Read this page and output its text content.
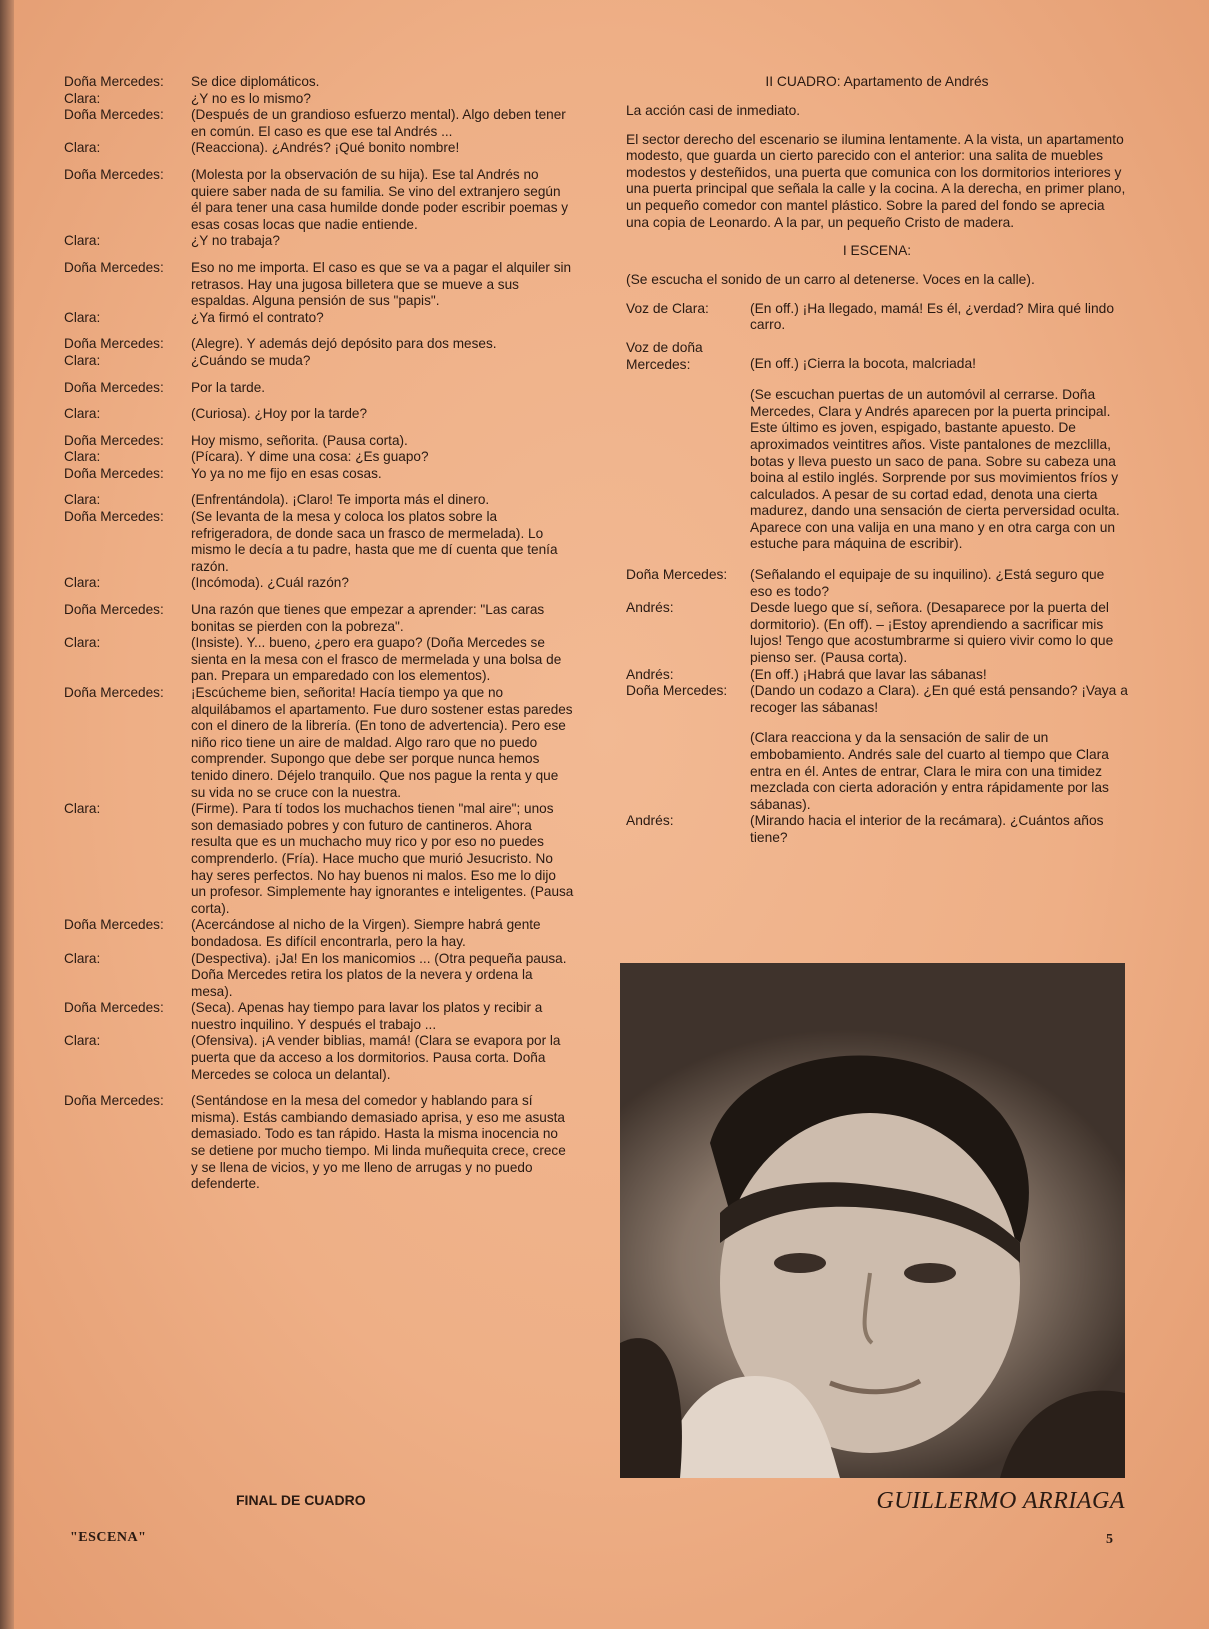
Doña Mercedes:	Se dice diplomáticos.
Clara:	¿Y no es lo mismo?
Doña Mercedes:	(Después de un grandioso esfuerzo mental). Algo deben tener en común. El caso es que ese tal Andrés ...
Clara:	(Reacciona). ¿Andrés? ¡Qué bonito nombre!
Doña Mercedes:	(Molesta por la observación de su hija). Ese tal Andrés no quiere saber nada de su familia. Se vino del extranjero según él para tener una casa humilde donde poder escribir poemas y esas cosas locas que nadie entiende.
Clara:	¿Y no trabaja?
Doña Mercedes:	Eso no me importa. El caso es que se va a pagar el alquiler sin retrasos. Hay una jugosa billetera que se mueve a sus espaldas. Alguna pensión de sus "papis".
Clara:	¿Ya firmó el contrato?
Doña Mercedes:	(Alegre). Y además dejó depósito para dos meses.
Clara:	¿Cuándo se muda?
Doña Mercedes:	Por la tarde.
Clara:	(Curiosa). ¿Hoy por la tarde?
Doña Mercedes:	Hoy mismo, señorita. (Pausa corta).
Clara:	(Pícara). Y dime una cosa: ¿Es guapo?
Doña Mercedes:	Yo ya no me fijo en esas cosas.
Clara:	(Enfrentándola). ¡Claro! Te importa más el dinero.
Doña Mercedes:	(Se levanta de la mesa y coloca los platos sobre la refrigeradora, de donde saca un frasco de mermelada). Lo mismo le decía a tu padre, hasta que me dí cuenta que tenía razón.
Clara:	(Incómoda). ¿Cuál razón?
Doña Mercedes:	Una razón que tienes que empezar a aprender: "Las caras bonitas se pierden con la pobreza".
Clara:	(Insiste). Y... bueno, ¿pero era guapo? (Doña Mercedes se sienta en la mesa con el frasco de mermelada y una bolsa de pan. Prepara un emparedado con los elementos).
Doña Mercedes:	¡Escúcheme bien, señorita! Hacía tiempo ya que no alquilábamos el apartamento. Fue duro sostener estas paredes con el dinero de la librería. (En tono de advertencia). Pero ese niño rico tiene un aire de maldad. Algo raro que no puedo comprender. Supongo que debe ser porque nunca hemos tenido dinero. Déjelo tranquilo. Que nos pague la renta y que su vida no se cruce con la nuestra.
Clara:	(Firme). Para tí todos los muchachos tienen "mal aire"; unos son demasiado pobres y con futuro de cantineros. Ahora resulta que es un muchacho muy rico y por eso no puedes comprenderlo. (Fría). Hace mucho que murió Jesucristo. No hay seres perfectos. No hay buenos ni malos. Eso me lo dijo un profesor. Simplemente hay ignorantes e inteligentes. (Pausa corta).
Doña Mercedes:	(Acercándose al nicho de la Virgen). Siempre habrá gente bondadosa. Es difícil encontrarla, pero la hay.
Clara:	(Despectiva). ¡Ja! En los manicomios ... (Otra pequeña pausa. Doña Mercedes retira los platos de la nevera y ordena la mesa).
Doña Mercedes:	(Seca). Apenas hay tiempo para lavar los platos y recibir a nuestro inquilino. Y después el trabajo ...
Clara:	(Ofensiva). ¡A vender biblias, mamá! (Clara se evapora por la puerta que da acceso a los dormitorios. Pausa corta. Doña Mercedes se coloca un delantal).
Doña Mercedes:	(Sentándose en la mesa del comedor y hablando para sí misma). Estás cambiando demasiado aprisa, y eso me asusta demasiado. Todo es tan rápido. Hasta la misma inocencia no se detiene por mucho tiempo. Mi linda muñequita crece, crece y se llena de vicios, y yo me lleno de arrugas y no puedo defenderte.
FINAL DE CUADRO
"ESCENA"
II CUADRO: Apartamento de Andrés
La acción casi de inmediato.
El sector derecho del escenario se ilumina lentamente. A la vista, un apartamento modesto, que guarda un cierto parecido con el anterior: una salita de muebles modestos y desteñidos, una puerta que comunica con los dormitorios interiores y una puerta principal que señala la calle y la cocina. A la derecha, en primer plano, un pequeño comedor con mantel plástico. Sobre la pared del fondo se aprecia una copia de Leonardo. A la par, un pequeño Cristo de madera.
I ESCENA:
(Se escucha el sonido de un carro al detenerse. Voces en la calle).
Voz de Clara:	(En off.) ¡Ha llegado, mamá! Es él, ¿verdad? Mira qué lindo carro.
Voz de doña
Mercedes:	(En off.) ¡Cierra la bocota, malcriada!
(Se escuchan puertas de un automóvil al cerrarse. Doña Mercedes, Clara y Andrés aparecen por la puerta principal. Este último es joven, espigado, bastante apuesto. De aproximados veintitres años. Viste pantalones de mezclilla, botas y lleva puesto un saco de pana. Sobre su cabeza una boina al estilo inglés. Sorprende por sus movimientos fríos y calculados. A pesar de su cortad edad, denota una cierta madurez, dando una sensación de cierta perversidad oculta. Aparece con una valija en una mano y en otra carga con un estuche para máquina de escribir).
Doña Mercedes:	(Señalando el equipaje de su inquilino). ¿Está seguro que eso es todo?
Andrés:	Desde luego que sí, señora. (Desaparece por la puerta del dormitorio). (En off). – ¡Estoy aprendiendo a sacrificar mis lujos! Tengo que acostumbrarme si quiero vivir como lo que pienso ser. (Pausa corta).
Andrés:	(En off.) ¡Habrá que lavar las sábanas!
Doña Mercedes:	(Dando un codazo a Clara). ¿En qué está pensando? ¡Vaya a recoger las sábanas!
(Clara reacciona y da la sensación de salir de un embobamiento. Andrés sale del cuarto al tiempo que Clara entra en él. Antes de entrar, Clara le mira con una timidez mezclada con cierta adoración y entra rápidamente por las sábanas).
Andrés:	(Mirando hacia el interior de la recámara). ¿Cuántos años tiene?
GUILLERMO ARRIAGA
5
